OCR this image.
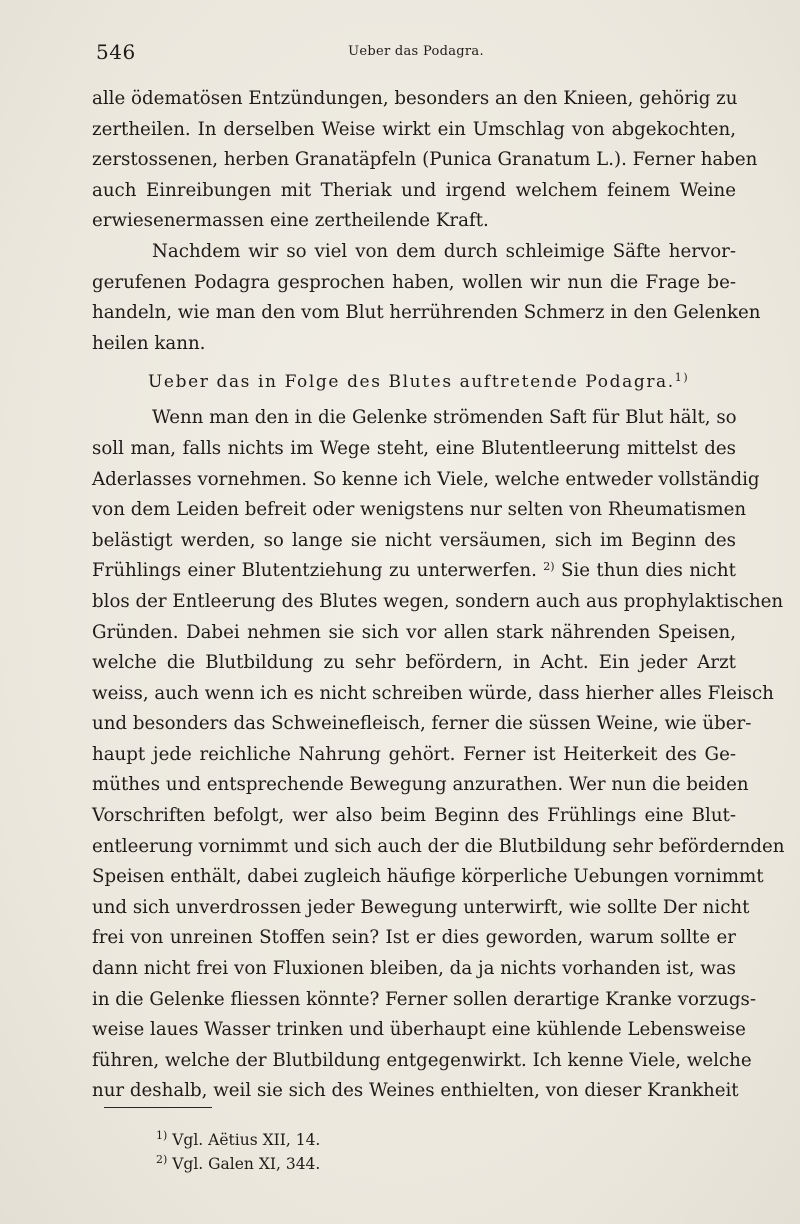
546	Ueber das Podagra.

alle ödematösen Entzündungen, besonders an den Knieen, gehörig zu
zertheilen. In derselben Weise wirkt ein Umschlag von abgekochten,
zerstossenen, herben Granatäpfeln (Punica Granatum L.). Ferner haben
auch Einreibungen mit Theriak und irgend welchem feinem Weine
erwiesenermassen eine zertheilende Kraft.

Nachdem wir so viel von dem durch schleimige Säfte hervor-
gerufenen Podagra gesprochen haben, wollen wir nun die Frage be-
handeln, wie man den vom Blut herrührenden Schmerz in den Gelenken
heilen kann.

Ueber das in Folge des Blutes auftretende Podagra.$^{1)}$

Wenn man den in die Gelenke strömenden Saft für Blut hält, so
soll man, falls nichts im Wege steht, eine Blutentleerung mittelst des
Aderlasses vornehmen. So kenne ich Viele, welche entweder vollständig
von dem Leiden befreit oder wenigstens nur selten von Rheumatismen
belästigt werden, so lange sie nicht versäumen, sich im Beginn des
Frühlings einer Blutentziehung zu unterwerfen. $^{2)}$ Sie thun dies nicht
blos der Entleerung des Blutes wegen, sondern auch aus prophylaktischen
Gründen. Dabei nehmen sie sich vor allen stark nährenden Speisen,
welche die Blutbildung zu sehr befördern, in Acht. Ein jeder Arzt
weiss, auch wenn ich es nicht schreiben würde, dass hierher alles Fleisch
und besonders das Schweinefleisch, ferner die süssen Weine, wie über-
haupt jede reichliche Nahrung gehört. Ferner ist Heiterkeit des Ge-
müthes und entsprechende Bewegung anzurathen. Wer nun die beiden
Vorschriften befolgt, wer also beim Beginn des Frühlings eine Blut-
entleerung vornimmt und sich auch der die Blutbildung sehr befördernden
Speisen enthält, dabei zugleich häufige körperliche Uebungen vornimmt
und sich unverdrossen jeder Bewegung unterwirft, wie sollte Der nicht
frei von unreinen Stoffen sein? Ist er dies geworden, warum sollte er
dann nicht frei von Fluxionen bleiben, da ja nichts vorhanden ist, was
in die Gelenke fliessen könnte? Ferner sollen derartige Kranke vorzugs-
weise laues Wasser trinken und überhaupt eine kühlende Lebensweise
führen, welche der Blutbildung entgegenwirkt. Ich kenne Viele, welche
nur deshalb, weil sie sich des Weines enthielten, von dieser Krankheit

$^{1)}$ Vgl. Aëtius XII, 14.
$^{2)}$ Vgl. Galen XI, 344.
